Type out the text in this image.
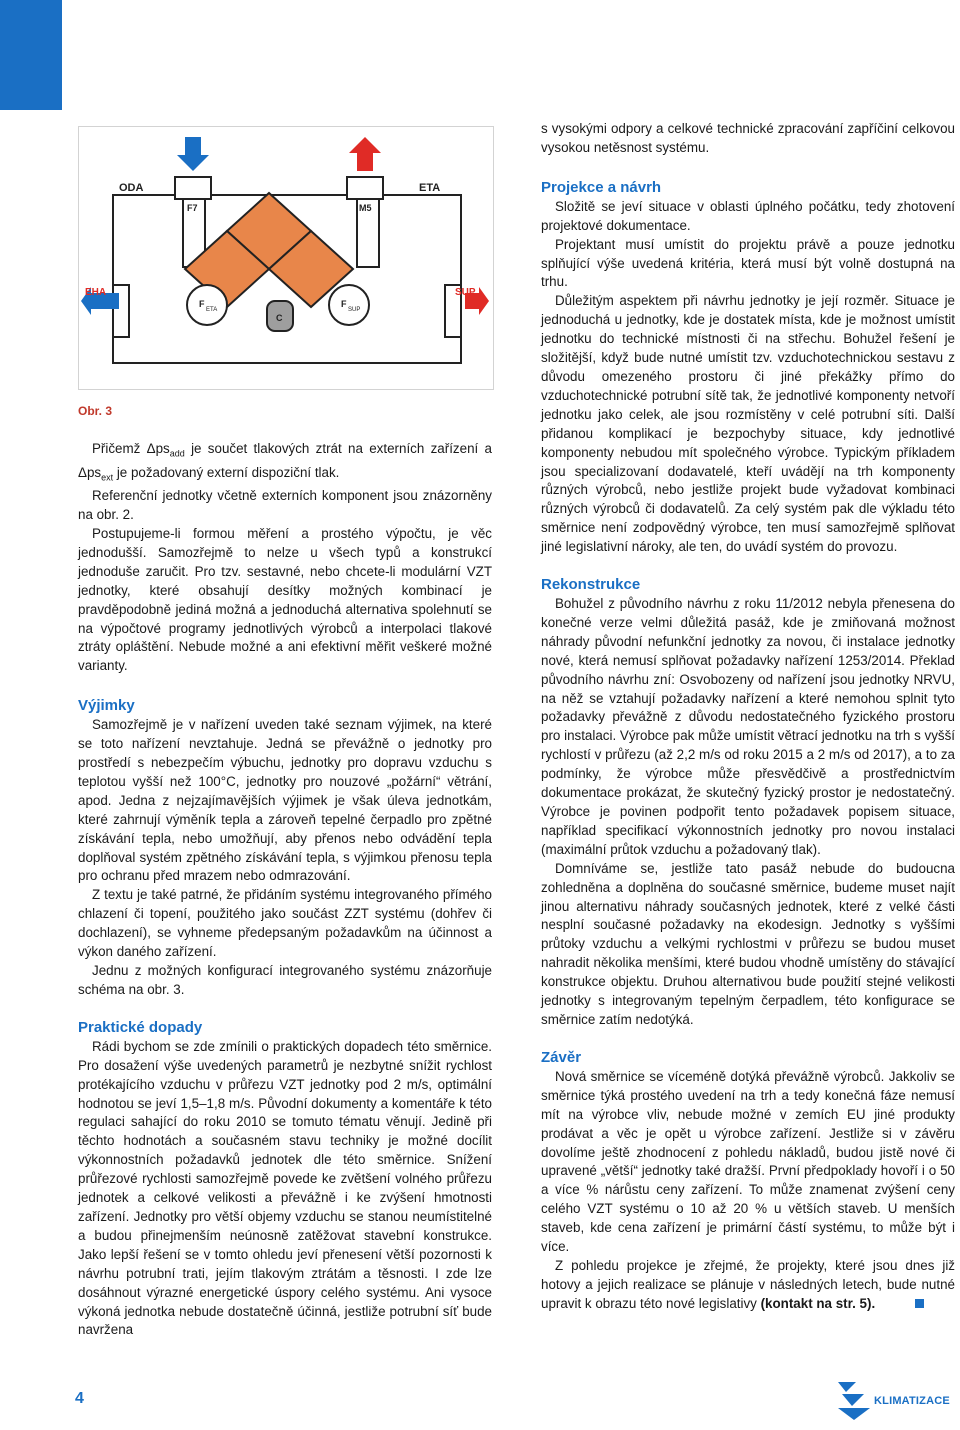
ODA	ETA
EHA	SUP
F7	M5
F
ETA
F
SUP
C
Obr. 3

Přičemž Δps$_{add}$ je součet tlakových ztrát na externích zařízení a Δps$_{ext}$ je požadovaný externí dispoziční tlak.

Referenční jednotky včetně externích komponent jsou znázorněny na obr. 2.

Postupujeme-li formou měření a prostého výpočtu, je věc jednodušší. Samozřejmě to nelze u všech typů a konstrukcí jednoduše zaručit. Pro tzv. sestavné, nebo chcete-li modulární VZT jednotky, které obsahují desítky možných kombinací je pravděpodobně jediná možná a jednoduchá alternativa spolehnutí se na výpočtové programy jednotlivých výrobců a interpolaci tlakové ztráty opláštění. Nebude možné a ani efektivní měřit veškeré možné varianty.

Výjimky

Samozřejmě je v nařízení uveden také seznam výjimek, na které se toto nařízení nevztahuje. Jedná se převážně o jednotky pro prostředí s nebezpečím výbuchu, jednotky pro dopravu vzduchu s teplotou vyšší než 100°C, jednotky pro nouzové „požární“ větrání, apod. Jedna z nejzajímavějších výjimek je však úleva jednotkám, které zahrnují výměník tepla a zároveň tepelné čerpadlo pro zpětné získávání tepla, nebo umožňují, aby přenos nebo odvádění tepla doplňoval systém zpětného získávání tepla, s výjimkou přenosu tepla pro ochranu před mrazem nebo odmrazování.

Z textu je také patrné, že přidáním systému integrovaného přímého chlazení či topení, použitého jako součást ZZT systému (dohřev či dochlazení), se vyhneme předepsaným požadavkům na účinnost a výkon daného zařízení.

Jednu z možných konfigurací integrovaného systému znázorňuje schéma na obr. 3.

Praktické dopady

Rádi bychom se zde zmínili o praktických dopadech této směrnice. Pro dosažení výše uvedených parametrů je nezbytné snížit rychlost protékajícího vzduchu v průřezu VZT jednotky pod 2 m/s, optimální hodnotou se jeví 1,5–1,8 m/s. Původní dokumenty a komentáře k této regulaci sahající do roku 2010 se tomuto tématu věnují. Jedině při těchto hodnotách a současném stavu techniky je možné docílit výkonnostních požadavků jednotek dle této směrnice. Snížení průřezové rychlosti samozřejmě povede ke zvětšení volného průřezu jednotek a celkové velikosti a převážně i ke zvýšení hmotnosti zařízení. Jednotky pro větší objemy vzduchu se stanou neumístitelné a budou přinejmenším neúnosně zatěžovat stavební konstrukce. Jako lepší řešení se v tomto ohledu jeví přenesení větší pozornosti k návrhu potrubní trati, jejím tlakovým ztrátám a těsnosti. I zde lze dosáhnout výrazné energetické úspory celého systému. Ani vysoce výkoná jednotka nebude dostatečně účinná, jestliže potrubní síť bude navržena

s vysokými odpory a celkové technické zpracování zapříčiní celkovou vysokou netěsnost systému.

Projekce a návrh

Složitě se jeví situace v oblasti úplného počátku, tedy zhotovení projektové dokumentace.

Projektant musí umístit do projektu právě a pouze jednotku splňující výše uvedená kritéria, která musí být volně dostupná na trhu.

Důležitým aspektem při návrhu jednotky je její rozměr. Situace je jednoduchá u jednotky, kde je dostatek místa, kde je možnost umístit jednotku do technické místnosti či na střechu. Bohužel řešení je složitější, když bude nutné umístit tzv. vzduchotechnickou sestavu z důvodu omezeného prostoru či jiné překážky přímo do vzduchotechnické potrubní sítě tak, že jednotlivé komponenty netvoří jednotku jako celek, ale jsou rozmístěny v celé potrubní síti. Další přidanou komplikací je bezpochyby situace, kdy jednotlivé komponenty nebudou mít společného výrobce. Typickým příkladem jsou specializovaní dodavatelé, kteří uvádějí na trh komponenty různých výrobců, nebo jestliže projekt bude vyžadovat kombinaci různých výrobců či dodavatelů. Za celý systém pak dle výkladu této směrnice není zodpovědný výrobce, ten musí samozřejmě splňovat jiné legislativní nároky, ale ten, do uvádí systém do provozu.

Rekonstrukce

Bohužel z původního návrhu z roku 11/2012 nebyla přenesena do konečné verze velmi důležitá pasáž, kde je zmiňovaná možnost náhrady původní nefunkční jednotky za novou, či instalace jednotky nové, která nemusí splňovat požadavky nařízení 1253/2014. Překlad původního návrhu zní: Osvobozeny od nařízení jsou jednotky NRVU, na něž se vztahují požadavky nařízení a které nemohou splnit tyto požadavky převážně z důvodu nedostatečného fyzického prostoru pro instalaci. Výrobce pak může umístit větrací jednotku na trh s vyšší rychlostí v průřezu (až 2,2 m/s od roku 2015 a 2 m/s od 2017), a to za podmínky, že výrobce může přesvědčivě a prostřednictvím dokumentace prokázat, že skutečný fyzický prostor je nedostatečný. Výrobce je povinen podpořit tento požadavek popisem situace, například specifikací výkonnostních jednotky pro novou instalaci (maximální průtok vzduchu a požadovaný tlak).

Domníváme se, jestliže tato pasáž nebude do budoucna zohledněna a doplněna do současné směrnice, budeme muset najít jinou alternativu náhrady současných jednotek, které z velké části nesplní současné požadavky na ekodesign. Jednotky s vyššími průtoky vzduchu a velkými rychlostmi v průřezu se budou muset nahradit několika menšími, které budou vhodně umístěny do stávající konstrukce objektu. Druhou alternativou bude použití stejné velikosti jednotky s integrovaným tepelným čerpadlem, této konfigurace se směrnice zatím nedotýká.

Závěr

Nová směrnice se víceméně dotýká převážně výrobců. Jakkoliv se směrnice týká prostého uvedení na trh a tedy konečná fáze nemusí mít na výrobce vliv, nebude možné v zemích EU jiné produkty prodávat a věc je opět u výrobce zařízení. Jestliže si v závěru dovolíme ještě zhodnocení z pohledu nákladů, budou jistě nové či upravené „větší“ jednotky také dražší. První předpoklady hovoří i o 50 a více % nárůstu ceny zařízení. To může znamenat zvýšení ceny celého VZT systému o 10 až 20 % u větších staveb. U menších staveb, kde cena zařízení je primární částí systému, to může být i více.

Z pohledu projekce je zřejmé, že projekty, které jsou dnes již hotovy a jejich realizace se plánuje v následných letech, bude nutné upravit k obrazu této nové legislativy (kontakt na str. 5).

4	KLIMATIZACE
